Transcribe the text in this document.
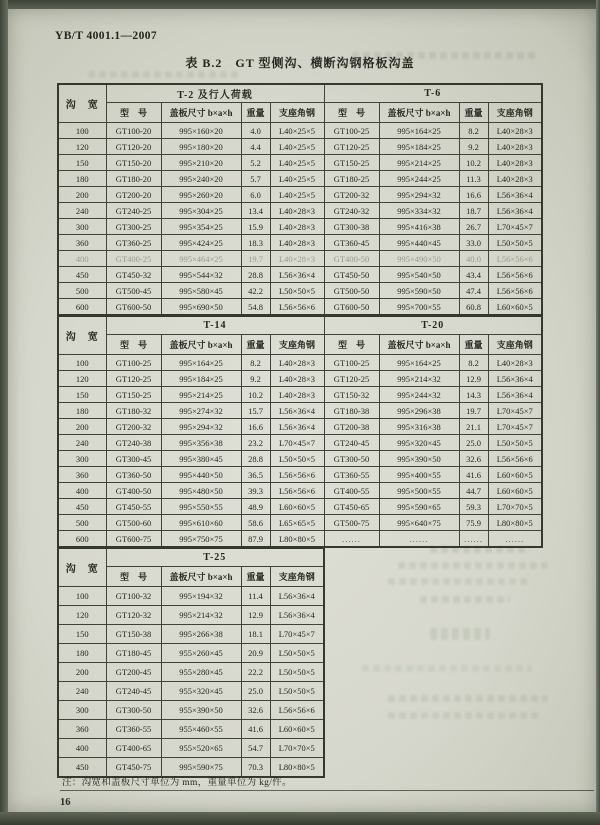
YB/T 4001.1—2007
表 B.2　GT 型侧沟、横断沟钢格板沟盖
沟　宽	T-2 及行人荷载				T-6			
	型　号	盖板尺寸 b×a×h	重量	支座角钢	型　号	盖板尺寸 b×a×h	重量	支座角钢
100	GT100-20	995×160×20	4.0	L40×25×5	GT100-25	995×164×25	8.2	L40×28×3
120	GT120-20	995×180×20	4.4	L40×25×5	GT120-25	995×184×25	9.2	L40×28×3
150	GT150-20	995×210×20	5.2	L40×25×5	GT150-25	995×214×25	10.2	L40×28×3
180	GT180-20	995×240×20	5.7	L40×25×5	GT180-25	995×244×25	11.3	L40×28×3
200	GT200-20	995×260×20	6.0	L40×25×5	GT200-32	995×294×32	16.6	L56×36×4
240	GT240-25	995×304×25	13.4	L40×28×3	GT240-32	995×334×32	18.7	L56×36×4
300	GT300-25	995×354×25	15.9	L40×28×3	GT300-38	995×416×38	26.7	L70×45×7
360	GT360-25	995×424×25	18.3	L40×28×3	GT360-45	995×440×45	33.0	L50×50×5
400	GT400-25	995×464×25	19.7	L40×28×3	GT400-50	995×490×50	40.0	L56×56×6
450	GT450-32	995×544×32	28.8	L56×36×4	GT450-50	995×540×50	43.4	L56×56×6
500	GT500-45	995×580×45	42.2	L50×50×5	GT500-50	995×590×50	47.4	L56×56×6
600	GT600-50	995×690×50	54.8	L56×56×6	GT600-50	995×700×55	60.8	L60×60×5
沟　宽	T-14				T-20			
	型　号	盖板尺寸 b×a×h	重量	支座角钢	型　号	盖板尺寸 b×a×h	重量	支座角钢
100	GT100-25	995×164×25	8.2	L40×28×3	GT100-25	995×164×25	8.2	L40×28×3
120	GT120-25	995×184×25	9.2	L40×28×3	GT120-25	995×214×32	12.9	L56×36×4
150	GT150-25	995×214×25	10.2	L40×28×3	GT150-32	995×244×32	14.3	L56×36×4
180	GT180-32	995×274×32	15.7	L56×36×4	GT180-38	995×296×38	19.7	L70×45×7
200	GT200-32	995×294×32	16.6	L56×36×4	GT200-38	995×316×38	21.1	L70×45×7
240	GT240-38	995×356×38	23.2	L70×45×7	GT240-45	995×320×45	25.0	L50×50×5
300	GT300-45	995×380×45	28.8	L50×50×5	GT300-50	995×390×50	32.6	L56×56×6
360	GT360-50	995×440×50	36.5	L56×56×6	GT360-55	995×400×55	41.6	L60×60×5
400	GT400-50	995×480×50	39.3	L56×56×6	GT400-55	995×500×55	44.7	L60×60×5
450	GT450-55	995×550×55	48.9	L60×60×5	GT450-65	995×590×65	59.3	L70×70×5
500	GT500-60	995×610×60	58.6	L65×65×5	GT500-75	995×640×75	75.9	L80×80×5
600	GT600-75	995×750×75	87.9	L80×80×5	......	......	......	......
沟　宽	T-25			
	型　号	盖板尺寸 b×a×h	重量	支座角钢
100	GT100-32	995×194×32	11.4	L56×36×4
120	GT120-32	995×214×32	12.9	L56×36×4
150	GT150-38	995×266×38	18.1	L70×45×7
180	GT180-45	955×260×45	20.9	L50×50×5
200	GT200-45	955×280×45	22.2	L50×50×5
240	GT240-45	955×320×45	25.0	L50×50×5
300	GT300-50	955×390×50	32.6	L56×56×6
360	GT360-55	955×460×55	41.6	L60×60×5
400	GT400-65	955×520×65	54.7	L70×70×5
450	GT450-75	995×590×75	70.3	L80×80×5
注：沟宽和盖板尺寸单位为 mm，重量单位为 kg/件。
16
